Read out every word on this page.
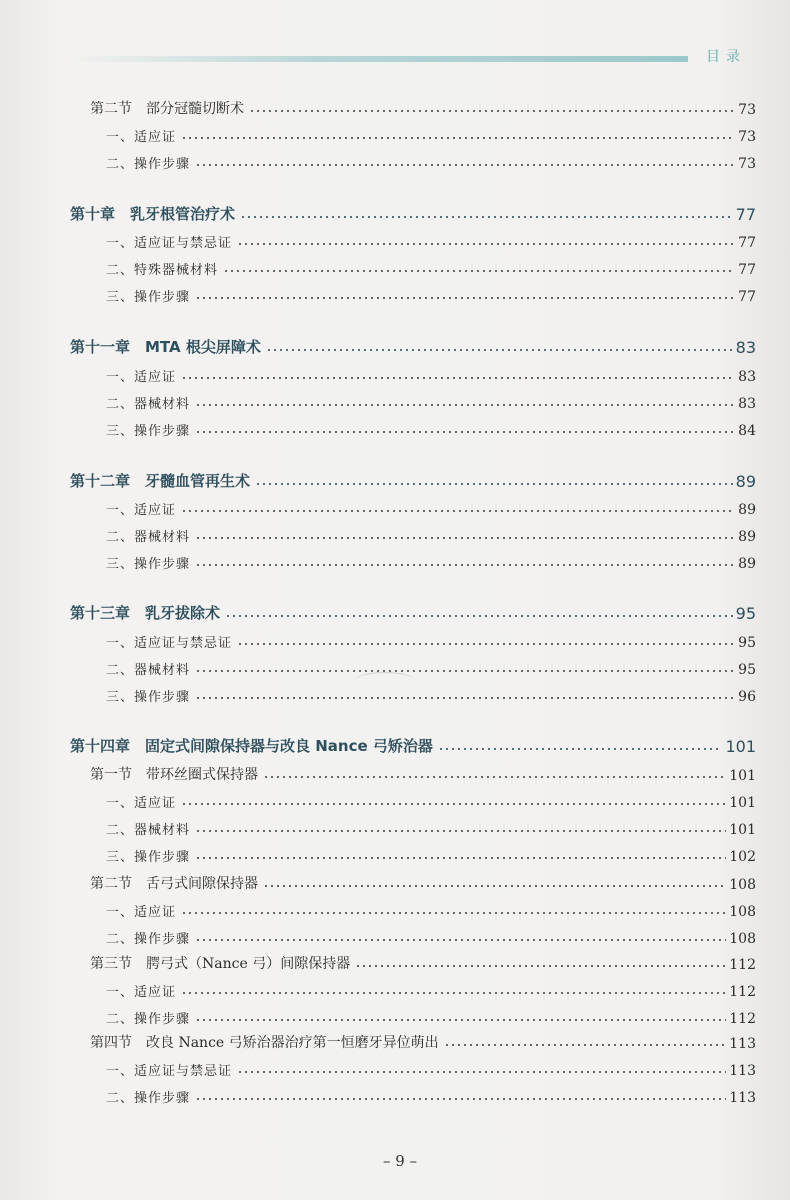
目录
第二节　部分冠髓切断术	73
一、适应证	73
二、操作步骤	73
第十章　乳牙根管治疗术	77
一、适应证与禁忌证	77
二、特殊器械材料	77
三、操作步骤	77
第十一章　MTA 根尖屏障术	83
一、适应证	83
二、器械材料	83
三、操作步骤	84
第十二章　牙髓血管再生术	89
一、适应证	89
二、器械材料	89
三、操作步骤	89
第十三章　乳牙拔除术	95
一、适应证与禁忌证	95
二、器械材料	95
三、操作步骤	96
第十四章　固定式间隙保持器与改良 Nance 弓矫治器	101
第一节　带环丝圈式保持器	101
一、适应证	101
二、器械材料	101
三、操作步骤	102
第二节　舌弓式间隙保持器	108
一、适应证	108
二、操作步骤	108
第三节　腭弓式（Nance 弓）间隙保持器	112
一、适应证	112
二、操作步骤	112
第四节　改良 Nance 弓矫治器治疗第一恒磨牙异位萌出	113
一、适应证与禁忌证	113
二、操作步骤	113
– 9 –
